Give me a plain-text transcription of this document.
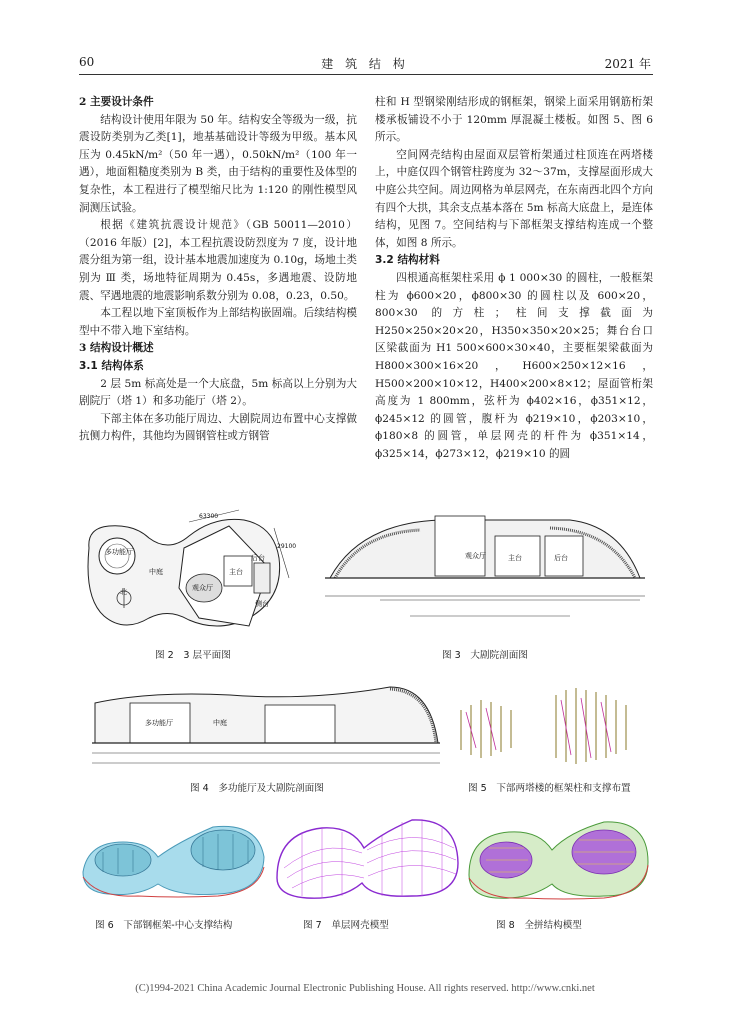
60	建 筑 结 构	2021 年
2 主要设计条件

结构设计使用年限为 50 年。结构安全等级为一级，抗震设防类别为乙类[1]，地基基础设计等级为甲级。基本风压为 0.45kN/m²（50 年一遇），0.50kN/m²（100 年一遇），地面粗糙度类别为 B 类，由于结构的重要性及体型的复杂性，本工程进行了模型缩尺比为 1:120 的刚性模型风洞测压试验。

根据《建筑抗震设计规范》（GB 50011—2010）（2016 年版）[2]，本工程抗震设防烈度为 7 度，设计地震分组为第一组，设计基本地震加速度为 0.10g，场地土类别为 Ⅲ 类，场地特征周期为 0.45s，多遇地震、设防地震、罕遇地震的地震影响系数分别为 0.08，0.23，0.50。

本工程以地下室顶板作为上部结构嵌固端。后续结构模型中不带入地下室结构。

3 结构设计概述
3.1 结构体系

2 层 5m 标高处是一个大底盘，5m 标高以上分别为大剧院厅（塔 1）和多功能厅（塔 2）。

下部主体在多功能厅周边、大剧院周边布置中心支撑做抗侧力构件，其他均为圆钢管柱或方钢管

柱和 H 型钢梁刚结形成的钢框架，钢梁上面采用钢筋桁架楼承板铺设不小于 120mm 厚混凝土楼板。如图 5、图 6 所示。

空间网壳结构由屋面双层管桁架通过柱顶连在两塔楼上，中庭仅四个钢管柱跨度为 32～37m，支撑屋面形成大中庭公共空间。周边网格为单层网壳，在东南西北四个方向有四个大拱，其余支点基本落在 5m 标高大底盘上，是连体结构，见图 7。空间结构与下部框架支撑结构连成一个整体，如图 8 所示。

3.2 结构材料

四根通高框架柱采用 ϕ 1 000×30 的圆柱，一般框架柱为 ϕ600×20，ϕ800×30 的圆柱以及 600×20，800×30 的方柱；柱间支撑截面为 H250×250×20×20，H350×350×20×25；舞台台口区梁截面为 H1 500×600×30×40，主要框架梁截面为 H800×300×16×20，H600×250×12×16，H500×200×10×12，H400×200×8×12；屋面管桁架高度为 1 800mm，弦杆为 ϕ402×16，ϕ351×12，ϕ245×12 的圆管，腹杆为 ϕ219×10，ϕ203×10，ϕ180×8 的圆管，单层网壳的杆件为 ϕ351×14，ϕ325×14，ϕ273×12，ϕ219×10 的圆

多功能厅
中庭
北
主台
后台
观众厅
侧台
63300
29100
图 2　3 层平面图
观众厅	主台	后台
图 3　大剧院剖面图
多功能厅	中庭
图 4　多功能厅及大剧院剖面图	图 5　下部两塔楼的框架柱和支撑布置
图 6　下部钢框架-中心支撑结构	图 7　单层网壳模型	图 8　全拼结构模型
(C)1994-2021 China Academic Journal Electronic Publishing House. All rights reserved. http://www.cnki.net
